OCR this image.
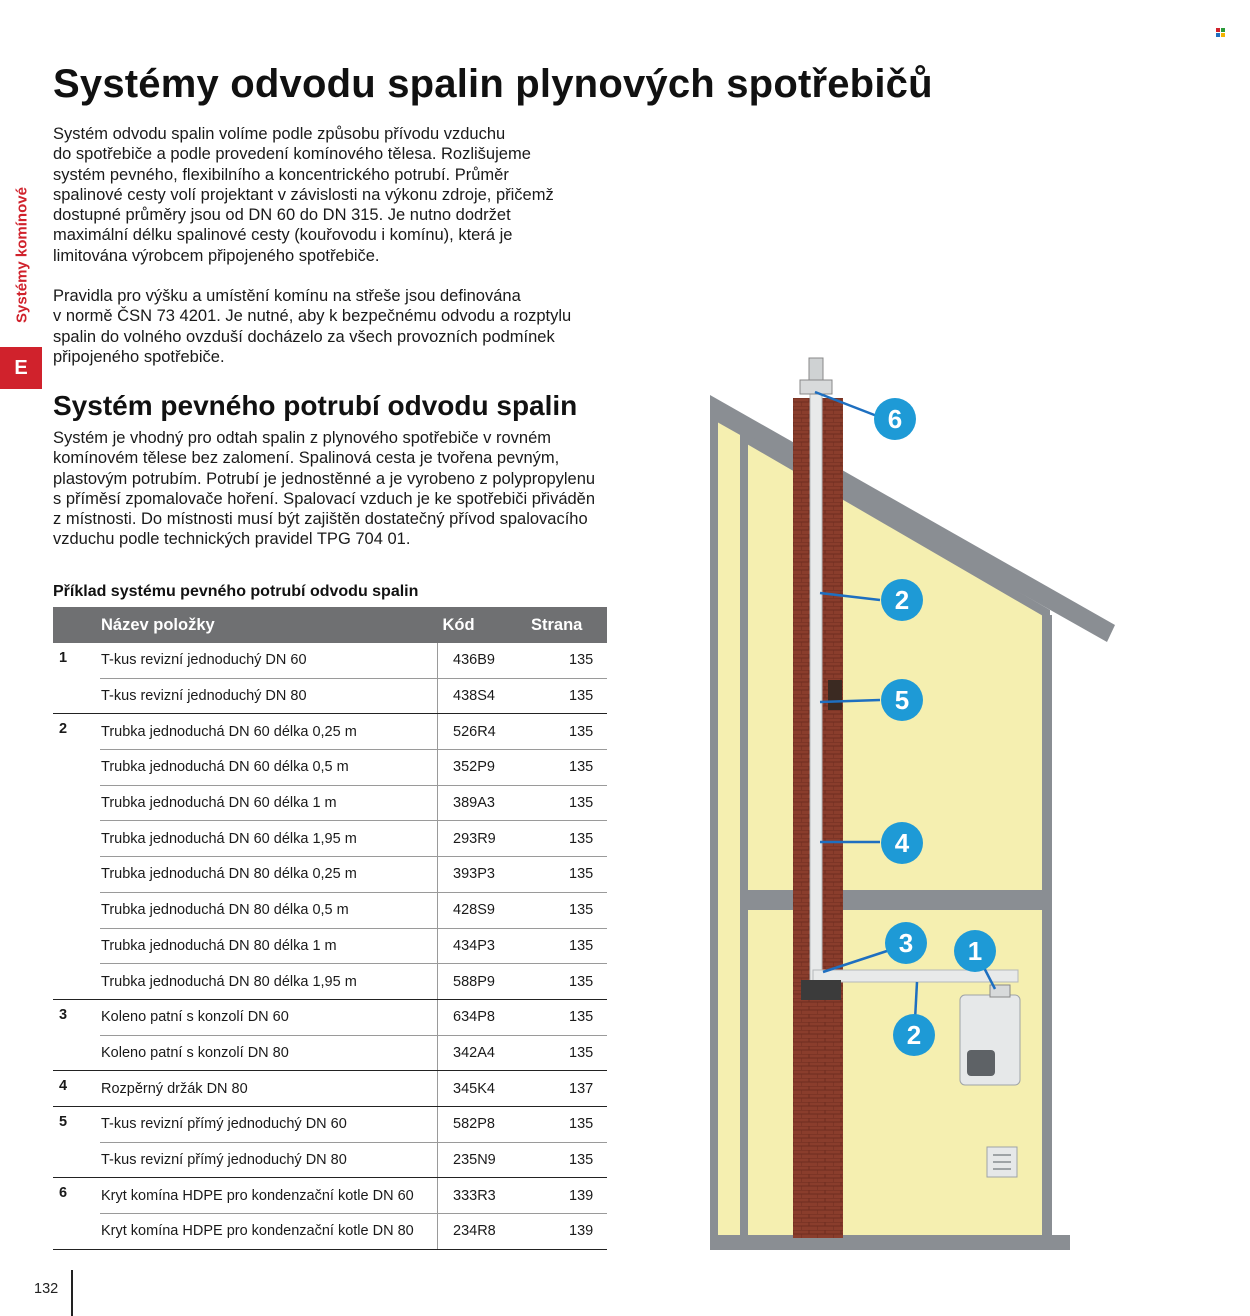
Systémy komínové
E
Systémy odvodu spalin plynových spotřebičů

Systém odvodu spalin volíme podle způsobu přívodu vzduchu
do spotřebiče a podle provedení komínového tělesa. Rozlišujeme
systém pevného, flexibilního a koncentrického potrubí. Průměr
spalinové cesty volí projektant v závislosti na výkonu zdroje, přičemž
dostupné průměry jsou od DN 60 do DN 315. Je nutno dodržet
maximální délku spalinové cesty (kouřovodu i komínu), která je
limitována výrobcem připojeného spotřebiče.

Pravidla pro výšku a umístění komínu na střeše jsou definována
v normě ČSN 73 4201. Je nutné, aby k bezpečnému odvodu a rozptylu
spalin do volného ovzduší docházelo za všech provozních podmínek
připojeného spotřebiče.

Systém pevného potrubí odvodu spalin

Systém je vhodný pro odtah spalin z plynového spotřebiče v rovném
komínovém tělese bez zalomení. Spalinová cesta je tvořena pevným,
plastovým potrubím. Potrubí je jednostěnné a je vyrobeno z polypropylenu
s příměsí zpomalovače hoření. Spalovací vzduch je ke spotřebiči přiváděn
z místnosti. Do místnosti musí být zajištěn dostatečný přívod spalovacího
vzduchu podle technických pravidel TPG 704 01.

Příklad systému pevného potrubí odvodu spalin

	Název položky	Kód	Strana
1	T-kus revizní jednoduchý DN 60	436B9	135
	T-kus revizní jednoduchý DN 80	438S4	135
2	Trubka jednoduchá DN 60 délka 0,25 m	526R4	135
	Trubka jednoduchá DN 60 délka 0,5 m	352P9	135
	Trubka jednoduchá DN 60 délka 1 m	389A3	135
	Trubka jednoduchá DN 60 délka 1,95 m	293R9	135
	Trubka jednoduchá DN 80 délka 0,25 m	393P3	135
	Trubka jednoduchá DN 80 délka 0,5 m	428S9	135
	Trubka jednoduchá DN 80 délka 1 m	434P3	135
	Trubka jednoduchá DN 80 délka 1,95 m	588P9	135
3	Koleno patní s konzolí DN 60	634P8	135
	Koleno patní s konzolí DN 80	342A4	135
4	Rozpěrný držák DN 80	345K4	137
5	T-kus revizní přímý jednoduchý DN 60	582P8	135
	T-kus revizní přímý jednoduchý DN 80	235N9	135
6	Kryt komína HDPE pro kondenzační kotle DN 60	333R3	139
	Kryt komína HDPE pro kondenzační kotle DN 80	234R8	139
6
2
5
4
3	1
2
132
